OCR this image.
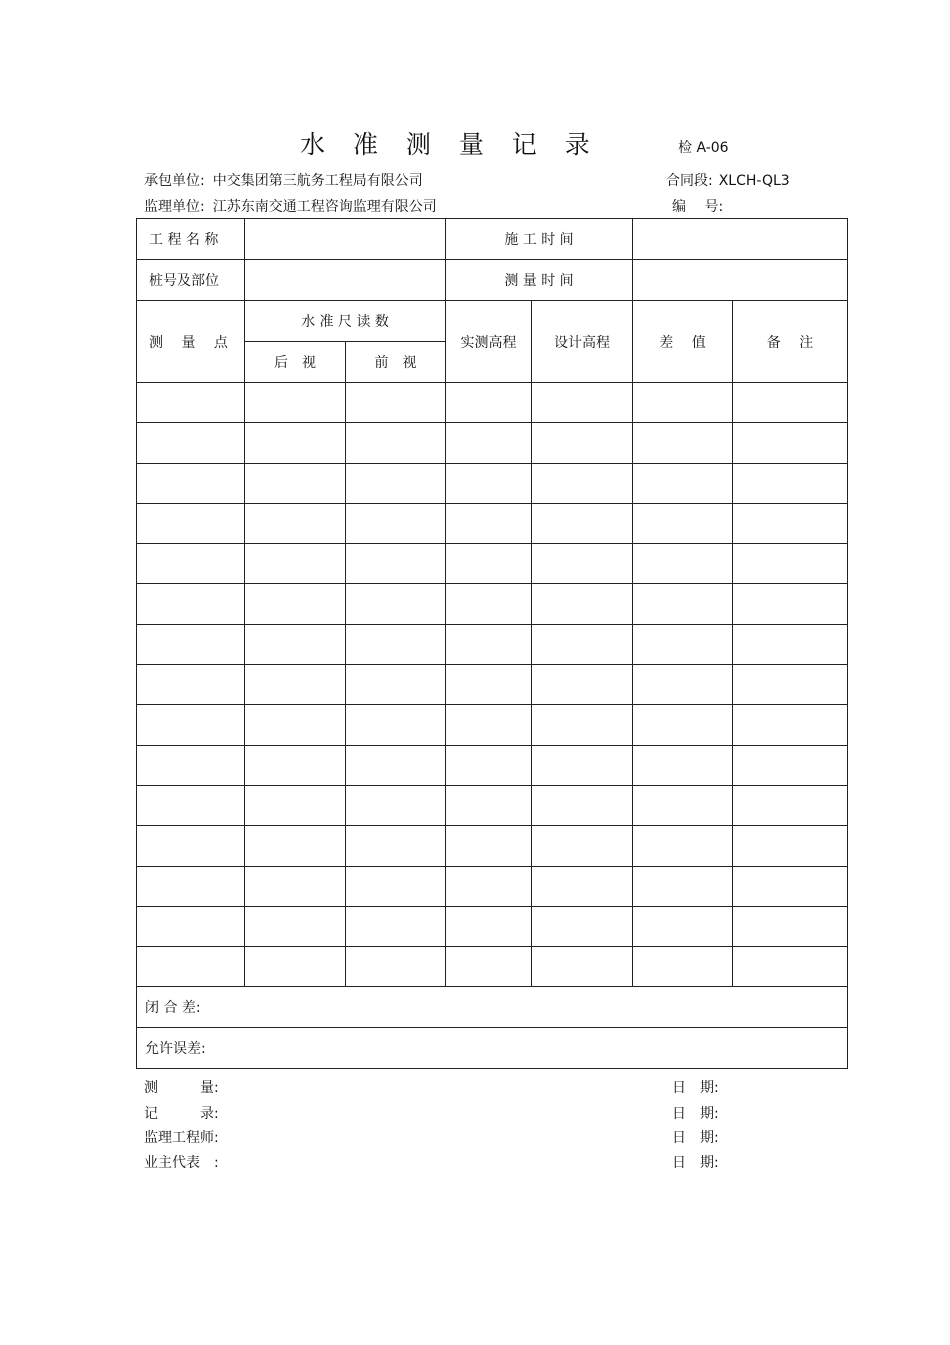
水 准 测 量 记 录	检 A-06
承包单位: 中交集团第三航务工程局有限公司	合同段: XLCH-QL3
监理单位: 江苏东南交通工程咨询监理有限公司	编　 号:
工 程 名 称			施 工 时 间			
桩号及部位			测 量 时 间			
测　 量　 点	水 准 尺 读 数		实测高程	设计高程	差　 值	备　 注
	后　视	前　视				

闭 合 差:						
允许误差:						
测　　　量:	日　期:
记　　　录:	日　期:
监理工程师:	日　期:
业主代表　:	日　期:
